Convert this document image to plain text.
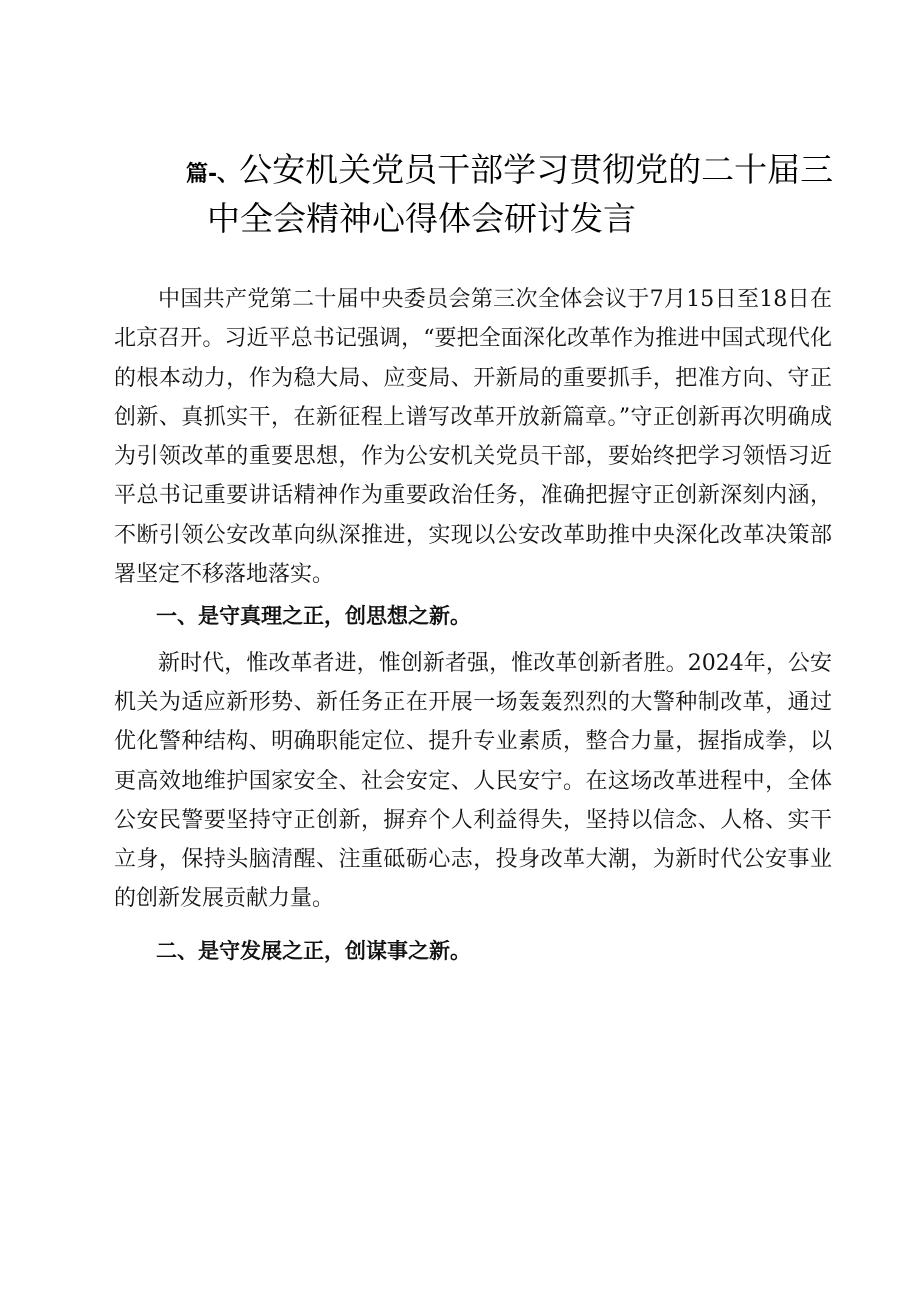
篇-、公安机关党员干部学习贯彻党的二十届三
中全会精神心得体会研讨发言

中国共产党第二十届中央委员会第三次全体会议于7月15日至18日在北京召开。习近平总书记强调，“要把全面深化改革作为推进中国式现代化的根本动力，作为稳大局、应变局、开新局的重要抓手，把准方向、守正创新、真抓实干，在新征程上谱写改革开放新篇章。”守正创新再次明确成为引领改革的重要思想，作为公安机关党员干部，要始终把学习领悟习近平总书记重要讲话精神作为重要政治任务，准确把握守正创新深刻内涵，不断引领公安改革向纵深推进，实现以公安改革助推中央深化改革决策部署坚定不移落地落实。

一、是守真理之正，创思想之新。

新时代，惟改革者进，惟创新者强，惟改革创新者胜。2024年，公安机关为适应新形势、新任务正在开展一场轰轰烈烈的大警种制改革，通过优化警种结构、明确职能定位、提升专业素质，整合力量，握指成拳，以更高效地维护国家安全、社会安定、人民安宁。在这场改革进程中，全体公安民警要坚持守正创新，摒弃个人利益得失，坚持以信念、人格、实干立身，保持头脑清醒、注重砥砺心志，投身改革大潮，为新时代公安事业的创新发展贡献力量。

二、是守发展之正，创谋事之新。
